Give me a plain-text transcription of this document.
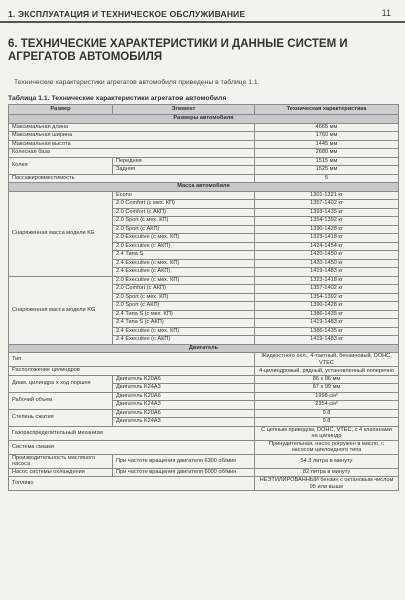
1. ЭКСПЛУАТАЦИЯ И ТЕХНИЧЕСКОЕ ОБСЛУЖИВАНИЕ	11
6. ТЕХНИЧЕСКИЕ ХАРАКТЕРИСТИКИ И ДАННЫЕ СИСТЕМ И АГРЕГАТОВ АВТОМОБИЛЯ
Технические характеристики агрегатов автомобиля приведены в таблице 1.1.
Таблица 1.1. Технические характеристики агрегатов автомобиля
Размер	Элемент	Техническая характеристика
Размеры автомобиля		
Максимальная длина		4665 мм
Максимальная ширина		1760 мм
Максимальная высота		1445 мм
Колесная база		2680 мм
Колея	Передняя	1515 мм
	Задняя	1525 мм
Пассажировместимость		5
Масса автомобиля		
Снаряженная масса модели KE	Econo	1301-1321 кг
	2.0 Comfort (с мех. КП)	1357-1402 кг
	2.0 Comfort (с АКП)	1393-1435 кг
	2.0 Sport (с мех. КП)	1354-1392 кг
	2.0 Sport (с АКП)	1390-1428 кг
	2.0 Executive (с мех. КП)	1323-1418 кг
	2.0 Executive (с АКП)	1424-1454 кг
	2.4 Типа S	1420-1450 кг
	2.4 Executive (с мех. КП)	1420-1450 кг
	2.4 Executive (с АКП)	1419-1483 кг
Снаряженная масса модели KG	2.0 Executive (с мех. КП)	1323-1418 кг
	2.0 Comfort (с АКП)	1357-1402 кг
	2.0 Sport (с мех. КП)	1354-1392 кг
	2.0 Sport (с АКП)	1390-1428 кг
	2.4 Типа S (с мех. КП)	1386-1435 кг
	2.4 Типа S (с АКП)	1419-1483 кг
	2.4 Executive (с мех. КП)	1386-1435 кг
	2.4 Executive (с АКП)	1419-1483 кг
Двигатель		
Тип		Жидкостного охл., 4-тактный, бензиновый, DOHC, VTEC
Расположение цилиндров		4-цилиндровый, рядный, установленный поперечно
Диам. цилиндра x ход поршня	Двигатель K20A6	86 x 86 мм
	Двигатель K24A3	87 x 99 мм
Рабочий объем	Двигатель K20A6	1998 см³
	Двигатель K24A3	2354 см³
Степень сжатия	Двигатель K20A6	9.8
	Двигатель K24A3	9.8
Газораспределительный механизм		С цепным приводом, DOHC, VTEC, с 4 клапанами на цилиндр
Система смазки		Принудительная, насос погружен в масло, с насосом циклоидного типа
Производительность масляного насоса	При частоте вращения двигателя 6300 об/мин	54.3 литра в минуту
Насос системы охлаждения	При частоте вращения двигателя 6000 об/мин	82 литра в минуту
Топливо		НЕЭТИЛИРОВАННЫЙ бензин с октановым числом 95 или выше
